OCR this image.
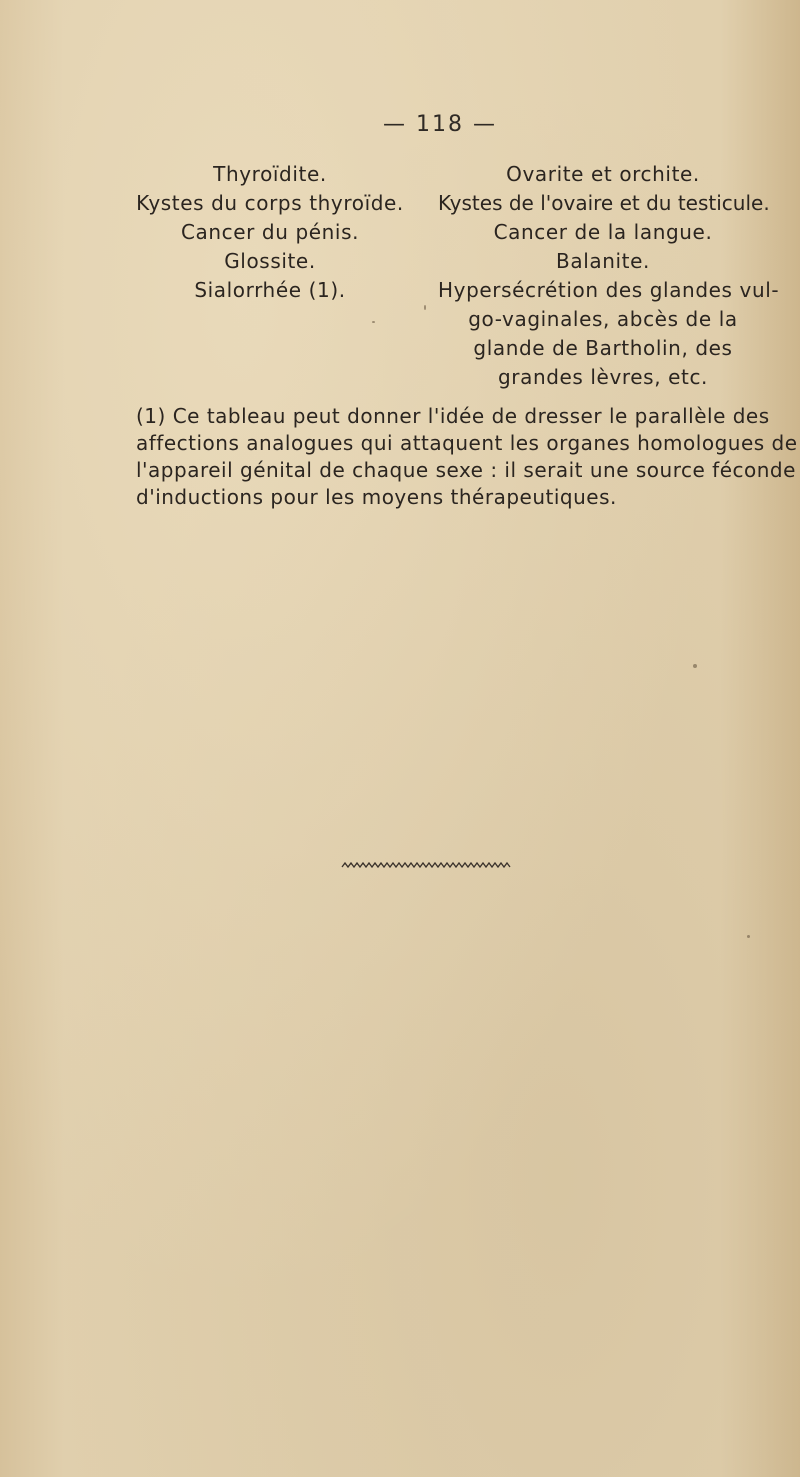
— 118 —
Thyroïdite.
Kystes du corps thyroïde.
Cancer du pénis.
Glossite.
Sialorrhée (1).
Ovarite et orchite.
Kystes de l'ovaire et du testicule.
Cancer de la langue.
Balanite.
Hypersécrétion des glandes vul-
go-vaginales, abcès de la
glande de Bartholin, des
grandes lèvres, etc.
(1) Ce tableau peut donner l'idée de dresser le parallèle des
affections analogues qui attaquent les organes homologues de
l'appareil génital de chaque sexe : il serait une source féconde
d'inductions pour les moyens thérapeutiques.
